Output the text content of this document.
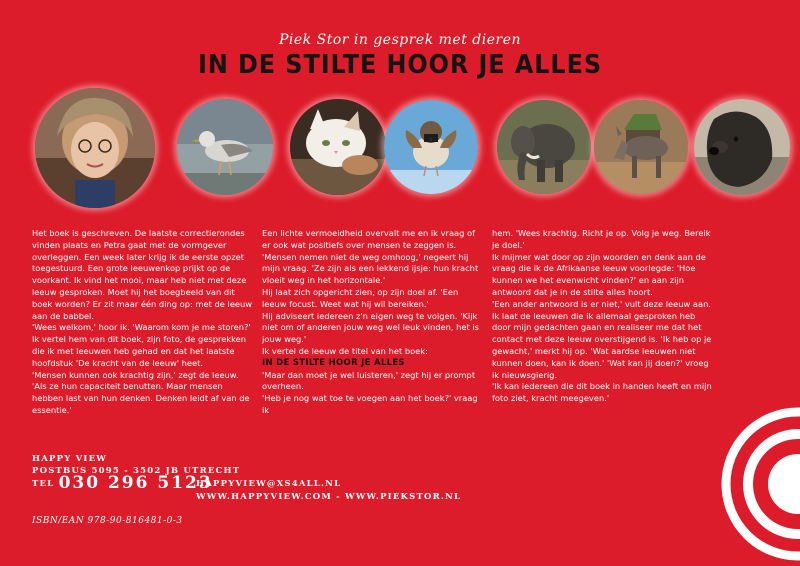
Piek Stor in gesprek met dieren
IN DE STILTE HOOR JE ALLES

Het boek is geschreven. De laatste correctierondes vinden plaats en Petra gaat met de vormgever overleggen. Een week later krijg ik de eerste opzet toegestuurd. Een grote leeuwenkop prijkt op de voorkant. Ik vind het mooi, maar heb niet met deze leeuw gesproken. Moet hij het boegbeeld van dit boek worden? Er zit maar één ding op: met de leeuw aan de babbel.

'Wees welkom,' hoor ik. 'Waarom kom je me storen?'

Ik vertel hem van dit boek, zijn foto, de gesprekken die ik met leeuwen heb gehad en dat het laatste hoofdstuk 'De kracht van de leeuw' heet.

'Mensen kunnen ook krachtig zijn,' zegt de leeuw. 'Als ze hun capaciteit benutten. Maar mensen hebben last van hun denken. Denken leidt af van de essentie.'

Een lichte vermoeidheid overvalt me en ik vraag of er ook wat positiefs over mensen te zeggen is. 'Mensen nemen niet de weg omhoog,' negeert hij mijn vraag. 'Ze zijn als een lekkend ijsje: hun kracht vloeit weg in het horizontale.'

Hij laat zich opgericht zien, op zijn doel af. 'Een leeuw focust. Weet wat hij wil bereiken.'

Hij adviseert iedereen z'n eigen weg te volgen. 'Kijk niet om of anderen jouw weg wel leuk vinden, het is jouw weg.'

Ik vertel de leeuw de titel van het boek:

IN DE STILTE HOOR JE ALLES

'Maar dan moet je wel luisteren,' zegt hij er prompt overheen.

'Heb je nog wat toe te voegen aan het boek?' vraag ik

hem. 'Wees krachtig. Richt je op. Volg je weg. Bereik je doel.'

Ik mijmer wat door op zijn woorden en denk aan de vraag die ik de Afrikaanse leeuw voorlegde: 'Hoe kunnen we het evenwicht vinden?' en aan zijn antwoord dat je in de stilte alles hoort.

'Een ander antwoord is er niet,' vult deze leeuw aan.

Ik laat de leeuwen die ik allemaal gesproken heb door mijn gedachten gaan en realiseer me dat het contact met deze leeuw overstijgend is. 'Ik heb op je gewacht,' merkt hij op. 'Wat aardse leeuwen niet kunnen doen, kan ik doen.' 'Wat kan jij doen?' vroeg ik nieuwsgierig.

'Ik kan iedereen die dit boek in handen heeft en mijn foto ziet, kracht meegeven.'

HAPPY VIEW
POSTBUS 5095 - 3502 JB UTRECHT
TEL 030 296 5123
HAPPYVIEW@XS4ALL.NL
WWW.HAPPYVIEW.COM - WWW.PIEKSTOR.NL
ISBN/EAN 978-90-816481-0-3
